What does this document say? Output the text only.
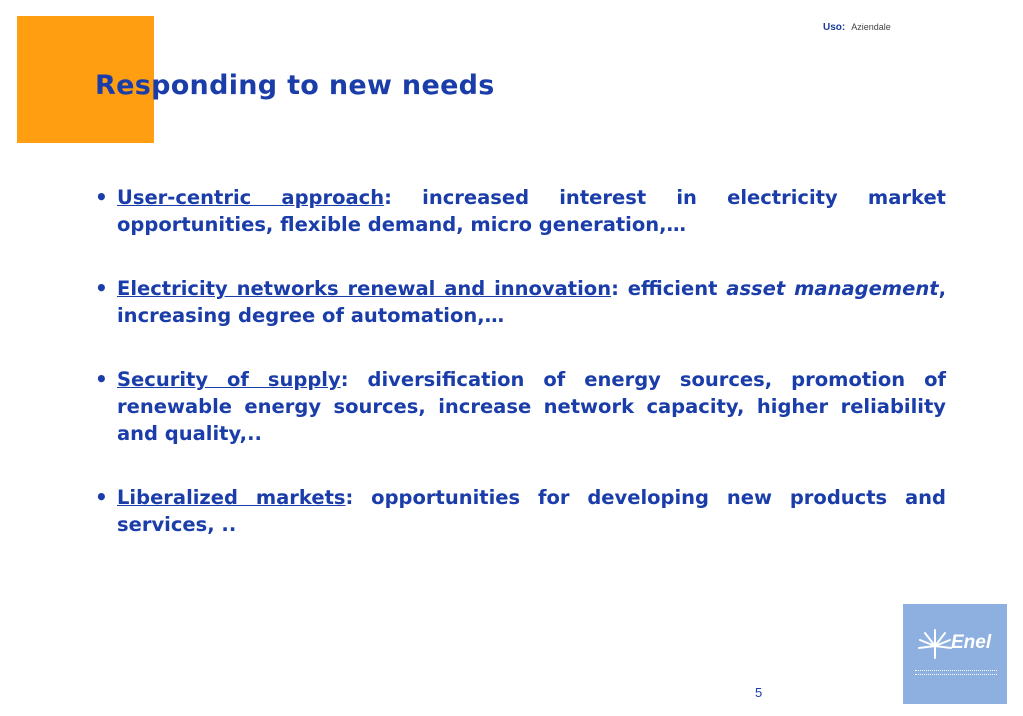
Uso: Aziendale
Responding to new needs
• User-centric approach: increased interest in electricity market opportunities, flexible demand, micro generation,…
• Electricity networks renewal and innovation: efficient asset management, increasing degree of automation,…
• Security of supply: diversification of energy sources, promotion of renewable energy sources, increase network capacity, higher reliability and quality,..
• Liberalized markets: opportunities for developing new products and services, ..
5
Enel
